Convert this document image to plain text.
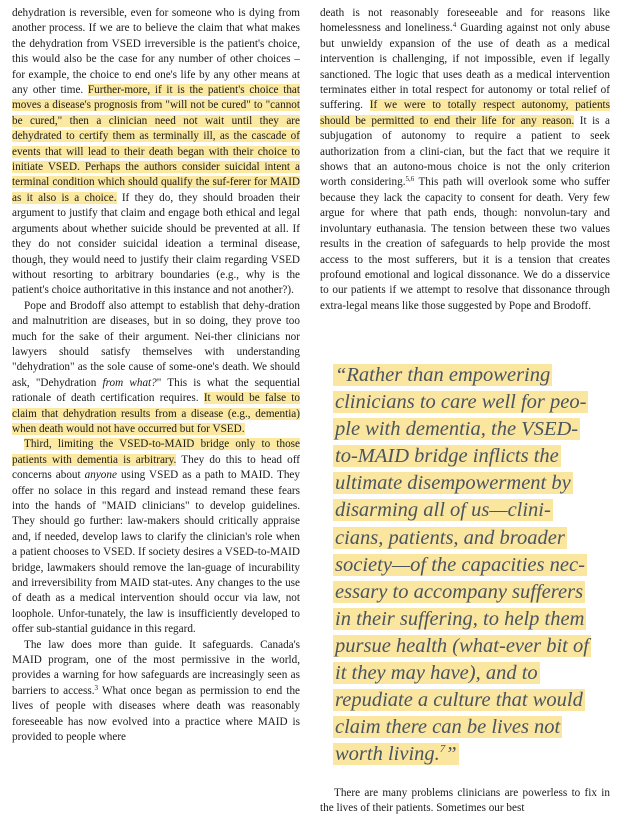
dehydration is reversible, even for someone who is dying from another process. If we are to believe the claim that what makes the dehydration from VSED irreversible is the patient's choice, this would also be the case for any number of other choices – for example, the choice to end one's life by any other means at any other time. Further-more, if it is the patient's choice that moves a disease's prognosis from "will not be cured" to "cannot be cured," then a clinician need not wait until they are dehydrated to certify them as terminally ill, as the cascade of events that will lead to their death began with their choice to initiate VSED. Perhaps the authors consider suicidal intent a terminal condition which should qualify the suf-ferer for MAID as it also is a choice. If they do, they should broaden their argument to justify that claim and engage both ethical and legal arguments about whether suicide should be prevented at all. If they do not consider suicidal ideation a terminal disease, though, they would need to justify their claim regarding VSED without resorting to arbitrary boundaries (e.g., why is the patient's choice authoritative in this instance and not another?).

Pope and Brodoff also attempt to establish that dehy-dration and malnutrition are diseases, but in so doing, they prove too much for the sake of their argument. Nei-ther clinicians nor lawyers should satisfy themselves with understanding "dehydration" as the sole cause of some-one's death. We should ask, "Dehydration from what?" This is what the sequential rationale of death certification requires. It would be false to claim that dehydration results from a disease (e.g., dementia) when death would not have occurred but for VSED.

Third, limiting the VSED-to-MAID bridge only to those patients with dementia is arbitrary. They do this to head off concerns about anyone using VSED as a path to MAID. They offer no solace in this regard and instead remand these fears into the hands of "MAID clinicians" to develop guidelines. They should go further: law-makers should critically appraise and, if needed, develop laws to clarify the clinician's role when a patient chooses to VSED. If society desires a VSED-to-MAID bridge, lawmakers should remove the lan-guage of incurability and irreversibility from MAID stat-utes. Any changes to the use of death as a medical intervention should occur via law, not loophole. Unfor-tunately, the law is insufficiently developed to offer sub-stantial guidance in this regard.

The law does more than guide. It safeguards. Canada's MAID program, one of the most permissive in the world, provides a warning for how safeguards are increasingly seen as barriers to access.$^3$ What once began as permission to end the lives of people with diseases where death was reasonably foreseeable has now evolved into a practice where MAID is provided to people where

death is not reasonably foreseeable and for reasons like homelessness and loneliness.$^4$ Guarding against not only abuse but unwieldy expansion of the use of death as a medical intervention is challenging, if not impossible, even if legally sanctioned. The logic that uses death as a medical intervention terminates either in total respect for autonomy or total relief of suffering. If we were to totally respect autonomy, patients should be permitted to end their life for any reason. It is a subjugation of autonomy to require a patient to seek authorization from a clini-cian, but the fact that we require it shows that an autono-mous choice is not the only criterion worth considering.$^{5,6}$ This path will overlook some who suffer because they lack the capacity to consent for death. Very few argue for where that path ends, though: nonvolun-tary and involuntary euthanasia. The tension between these two values results in the creation of safeguards to help provide the most access to the most sufferers, but it is a tension that creates profound emotional and logical dissonance. We do a disservice to our patients if we attempt to resolve that dissonance through extra-legal means like those suggested by Pope and Brodoff.

“Rather than empowering clinicians to care well for peo-ple with dementia, the VSED-to-MAID bridge inflicts the ultimate disempowerment by disarming all of us—clini-cians, patients, and broader society—of the capacities nec-essary to accompany sufferers in their suffering, to help them pursue health (what-ever bit of it they may have), and to repudiate a culture that would claim there can be lives not worth living.$^7$”

There are many problems clinicians are powerless to fix in the lives of their patients. Sometimes our best
